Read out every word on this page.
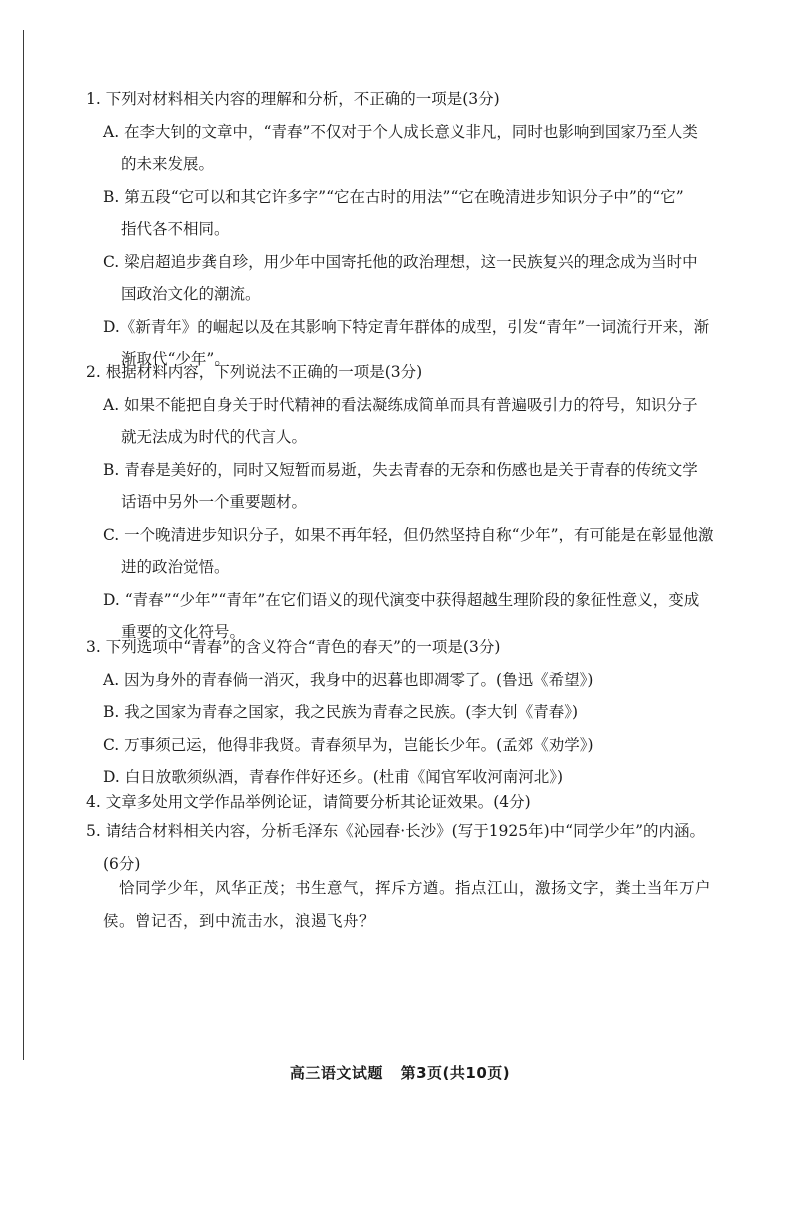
1. 下列对材料相关内容的理解和分析，不正确的一项是(3分)
A. 在李大钊的文章中，“青春”不仅对于个人成长意义非凡，同时也影响到国家乃至人类
的未来发展。
B. 第五段“它可以和其它许多字”“它在古时的用法”“它在晚清进步知识分子中”的“它”
指代各不相同。
C. 梁启超追步龚自珍，用少年中国寄托他的政治理想，这一民族复兴的理念成为当时中
国政治文化的潮流。
D.《新青年》的崛起以及在其影响下特定青年群体的成型，引发“青年”一词流行开来，渐
渐取代“少年”。
2. 根据材料内容，下列说法不正确的一项是(3分)
A. 如果不能把自身关于时代精神的看法凝练成简单而具有普遍吸引力的符号，知识分子
就无法成为时代的代言人。
B. 青春是美好的，同时又短暂而易逝，失去青春的无奈和伤感也是关于青春的传统文学
话语中另外一个重要题材。
C. 一个晚清进步知识分子，如果不再年轻，但仍然坚持自称“少年”，有可能是在彰显他激
进的政治觉悟。
D. “青春”“少年”“青年”在它们语义的现代演变中获得超越生理阶段的象征性意义，变成
重要的文化符号。
3. 下列选项中“青春”的含义符合“青色的春天”的一项是(3分)
A. 因为身外的青春倘一消灭，我身中的迟暮也即凋零了。(鲁迅《希望》)
B. 我之国家为青春之国家，我之民族为青春之民族。(李大钊《青春》)
C. 万事须己运，他得非我贤。青春须早为，岂能长少年。(孟郊《劝学》)
D. 白日放歌须纵酒，青春作伴好还乡。(杜甫《闻官军收河南河北》)
4. 文章多处用文学作品举例论证，请简要分析其论证效果。(4分)
5. 请结合材料相关内容，分析毛泽东《沁园春·长沙》(写于1925年)中“同学少年”的内涵。
(6分)
恰同学少年，风华正茂；书生意气，挥斥方遒。指点江山，激扬文字，粪土当年万户
侯。曾记否，到中流击水，浪遏飞舟？
高三语文试题 第3页(共10页)
